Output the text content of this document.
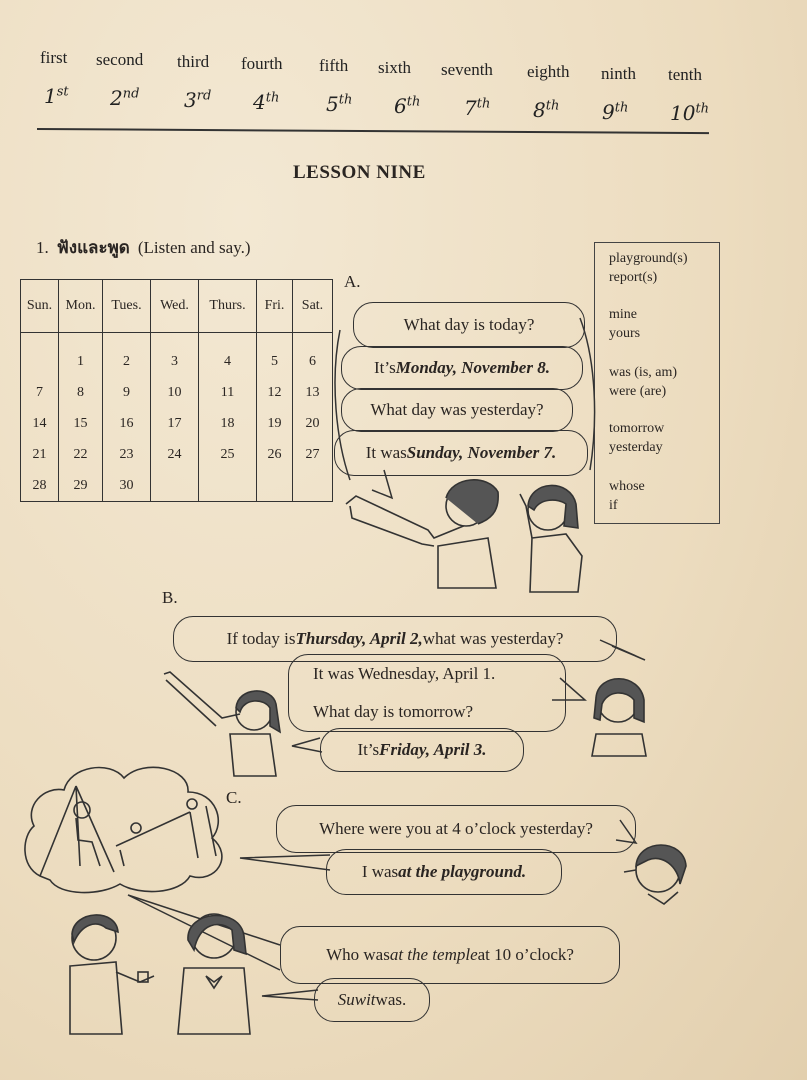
first second third fourth fifth sixth seventh eighth ninth tenth
1st 2nd 3rd 4th 5th 6th 7th 8th 9th 10th
LESSON NINE
1. ฟังและพูด (Listen and say.)
Sun.	Mon.	Tues.	Wed.	Thurs.	Fri.	Sat.
	1	2	3	4	5	6
7	8	9	10	11	12	13
14	15	16	17	18	19	20
21	22	23	24	25	26	27
28	29	30				
playground(s)
report(s)
mine
yours
was (is, am)
were (are)
tomorrow
yesterday
whose
if
A.
What day is today?
It’s Monday, November 8.
What day was yesterday?
It was Sunday, November 7.
B.
If today is Thursday, April 2, what was yesterday?
It was Wednesday, April 1.
What day is tomorrow?
It’s Friday, April 3.
C.
Where were you at 4 o’clock yesterday?
I was at the playground.
Who was at the temple at 10 o’clock?
Suwit was.
